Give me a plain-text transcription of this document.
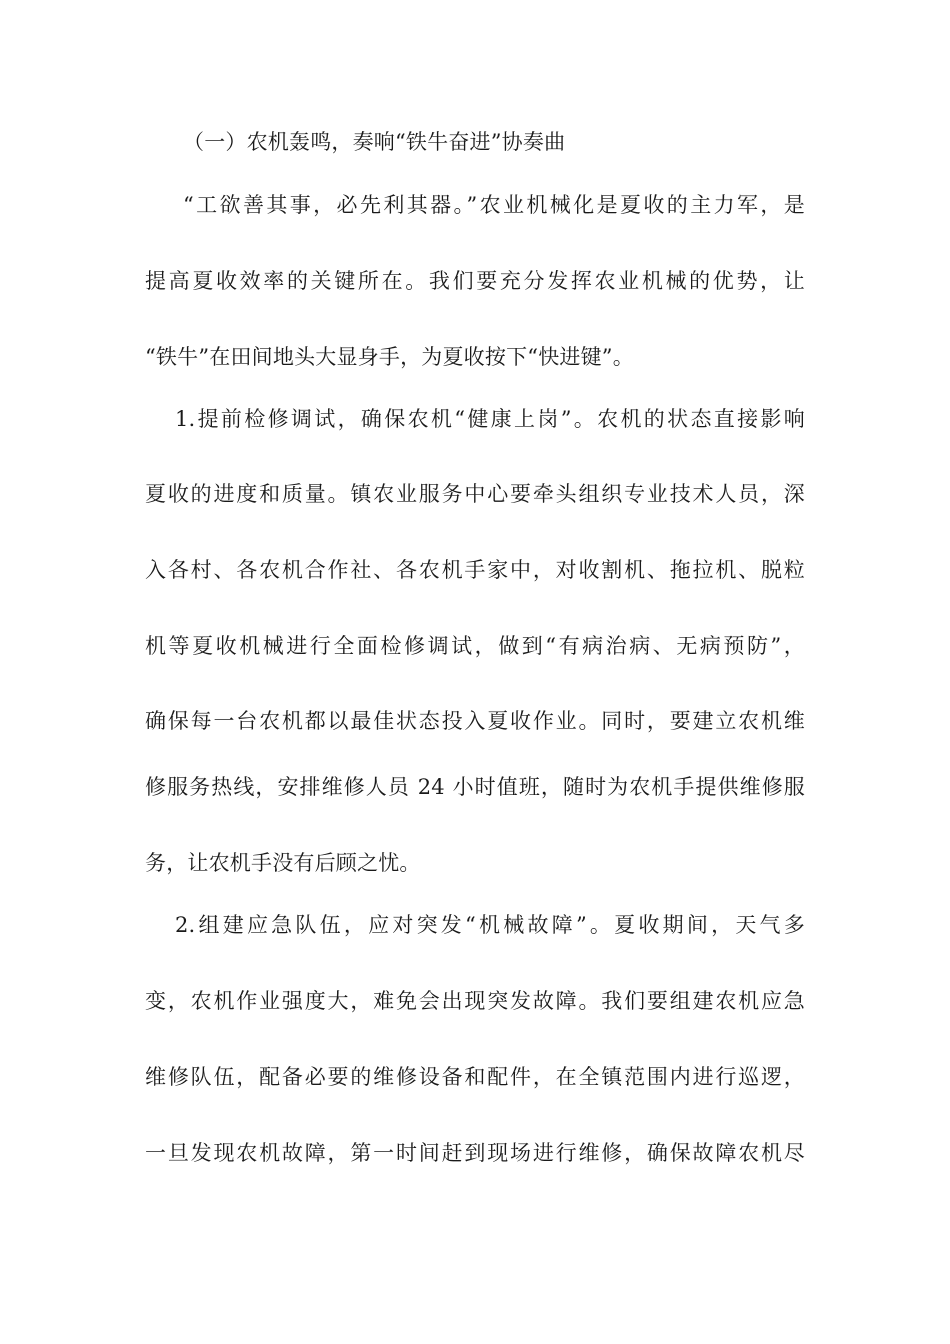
（一）农机轰鸣，奏响“铁牛奋进”协奏曲
“工欲善其事，必先利其器。”农业机械化是夏收的主力军，是
提高夏收效率的关键所在。我们要充分发挥农业机械的优势，让
“铁牛”在田间地头大显身手，为夏收按下“快进键”。
1.提前检修调试，确保农机“健康上岗”。农机的状态直接影响
夏收的进度和质量。镇农业服务中心要牵头组织专业技术人员，深
入各村、各农机合作社、各农机手家中，对收割机、拖拉机、脱粒
机等夏收机械进行全面检修调试，做到“有病治病、无病预防”，
确保每一台农机都以最佳状态投入夏收作业。同时，要建立农机维
修服务热线，安排维修人员 24 小时值班，随时为农机手提供维修服
务，让农机手没有后顾之忧。
2.组建应急队伍，应对突发“机械故障”。夏收期间，天气多
变，农机作业强度大，难免会出现突发故障。我们要组建农机应急
维修队伍，配备必要的维修设备和配件，在全镇范围内进行巡逻，
一旦发现农机故障，第一时间赶到现场进行维修，确保故障农机尽
